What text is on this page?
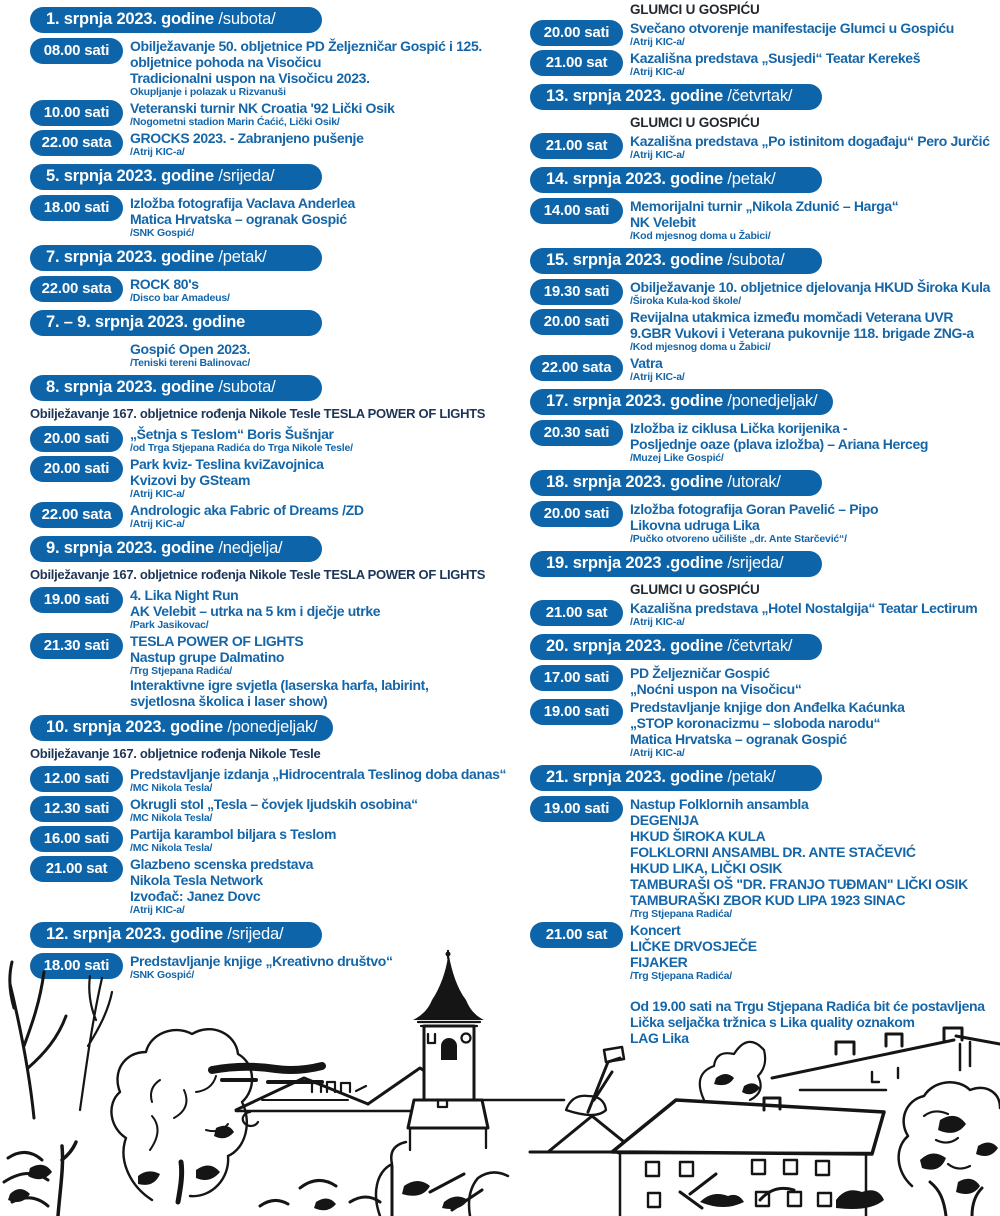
1. srpnja 2023. godine /subota/
08.00 sati	Obilježavanje 50. obljetnice PD Željezničar Gospić i 125.
obljetnice pohoda na Visočicu
Tradicionalni uspon na Visočicu 2023.
Okupljanje i polazak u Rizvanuši
10.00 sati	Veteranski turnir NK Croatia '92 Lički Osik
/Nogometni stadion Marin Ćaćić, Lički Osik/
22.00 sata	GROCKS 2023. - Zabranjeno pušenje
/Atrij KIC-a/
5. srpnja 2023. godine /srijeda/
18.00 sati	Izložba fotografija Vaclava Anderlea
Matica Hrvatska – ogranak Gospić
/SNK Gospić/
7. srpnja 2023. godine /petak/
22.00 sata	ROCK 80's
/Disco bar Amadeus/
7. – 9. srpnja 2023. godine
Gospić Open 2023.
/Teniski tereni Balinovac/
8. srpnja 2023. godine /subota/
Obilježavanje 167. obljetnice rođenja Nikole Tesle TESLA POWER OF LIGHTS
20.00 sati	„Šetnja s Teslom“ Boris Šušnjar
/od Trga Stjepana Radića do Trga Nikole Tesle/
20.00 sati	Park kviz- Teslina kviZavojnica
Kvizovi by GSteam
/Atrij KIC-a/
22.00 sata	Andrologic aka Fabric of Dreams /ZD
/Atrij KiC-a/
9. srpnja 2023. godine /nedjelja/
Obilježavanje 167. obljetnice rođenja Nikole Tesle TESLA POWER OF LIGHTS
19.00 sati	4. Lika Night Run
AK Velebit – utrka na 5 km i dječje utrke
/Park Jasikovac/
21.30 sati	TESLA POWER OF LIGHTS
Nastup grupe Dalmatino
/Trg Stjepana Radića/
Interaktivne igre svjetla (laserska harfa, labirint,
svjetlosna školica i laser show)
10. srpnja 2023. godine /ponedjeljak/
Obilježavanje 167. obljetnice rođenja Nikole Tesle
12.00 sati	Predstavljanje izdanja „Hidrocentrala Teslinog doba danas“
/MC Nikola Tesla/
12.30 sati	Okrugli stol „Tesla – čovjek ljudskih osobina“
/MC Nikola Tesla/
16.00 sati	Partija karambol biljara s Teslom
/MC Nikola Tesla/
21.00 sat	Glazbeno scenska predstava
Nikola Tesla Network
Izvođač: Janez Dovc
/Atrij KIC-a/
12. srpnja 2023. godine /srijeda/
18.00 sati	Predstavljanje knjige „Kreativno društvo“
/SNK Gospić/
GLUMCI U GOSPIĆU
20.00 sati	Svečano otvorenje manifestacije Glumci u Gospiću
/Atrij KIC-a/
21.00 sat	Kazališna predstava „Susjedi“ Teatar Kerekeš
/Atrij KIC-a/
13. srpnja 2023. godine /četvrtak/
GLUMCI U GOSPIĆU
21.00 sat	Kazališna predstava „Po istinitom događaju“ Pero Jurčić
/Atrij KIC-a/
14. srpnja 2023. godine /petak/
14.00 sati	Memorijalni turnir „Nikola Zdunić – Harga“
NK Velebit
/Kod mjesnog doma u Žabici/
15. srpnja 2023. godine /subota/
19.30 sati	Obilježavanje 10. obljetnice djelovanja HKUD Široka Kula
/Široka Kula-kod škole/
20.00 sati	Revijalna utakmica između momčadi Veterana UVR
9.GBR Vukovi i Veterana pukovnije 118. brigade ZNG-a
/Kod mjesnog doma u Žabici/
22.00 sata	Vatra
/Atrij KIC-a/
17. srpnja 2023. godine /ponedjeljak/
20.30 sati	Izložba iz ciklusa Lička korijenika -
Posljednje oaze (plava izložba) – Ariana Herceg
/Muzej Like Gospić/
18. srpnja 2023. godine /utorak/
20.00 sati	Izložba fotografija Goran Pavelić – Pipo
Likovna udruga Lika
/Pučko otvoreno učilište „dr. Ante Starčević“/
19. srpnja 2023 .godine /srijeda/
GLUMCI U GOSPIĆU
21.00 sat	Kazališna predstava „Hotel Nostalgija“ Teatar Lectirum
/Atrij KIC-a/
20. srpnja 2023. godine /četvrtak/
17.00 sati	PD Željezničar Gospić
„Noćni uspon na Visočicu“
19.00 sati	Predstavljanje knjige don Anđelka Kaćunka
„STOP koronacizmu – sloboda narodu“
Matica Hrvatska – ogranak Gospić
/Atrij KIC-a/
21. srpnja 2023. godine /petak/
19.00 sati	Nastup Folklornih ansambla
DEGENIJA
HKUD ŠIROKA KULA
FOLKLORNI ANSAMBL DR. ANTE STAČEVIĆ
HKUD LIKA, LIČKI OSIK
TAMBURAŠI OŠ "DR. FRANJO TUĐMAN" LIČKI OSIK
TAMBURAŠKI ZBOR KUD LIPA 1923 SINAC
/Trg Stjepana Radića/
21.00 sat	Koncert
LIČKE DRVOSJEČE
FIJAKER
/Trg Stjepana Radića/
Od 19.00 sati na Trgu Stjepana Radića bit će postavljena
Lička seljačka tržnica s Lika quality oznakom
LAG Lika
